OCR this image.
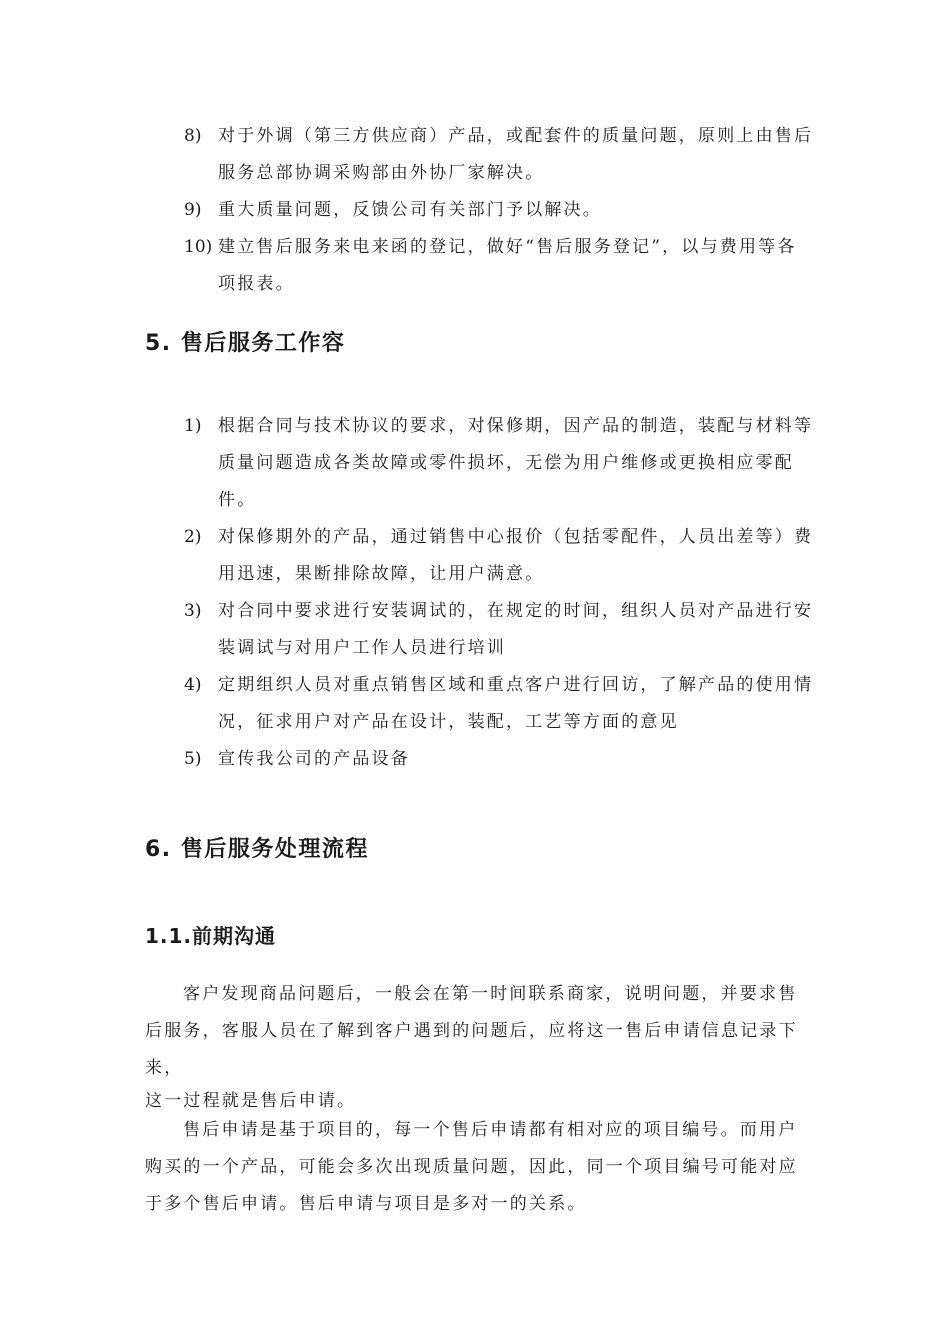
8) 对于外调（第三方供应商）产品，或配套件的质量问题，原则上由售后服务总部协调采购部由外协厂家解决。
9) 重大质量问题，反馈公司有关部门予以解决。
10) 建立售后服务来电来函的登记，做好“售后服务登记”，以与费用等各项报表。
5. 售后服务工作容
1) 根据合同与技术协议的要求，对保修期，因产品的制造，装配与材料等质量问题造成各类故障或零件损坏，无偿为用户维修或更换相应零配件。
2) 对保修期外的产品，通过销售中心报价（包括零配件，人员出差等）费用迅速，果断排除故障，让用户满意。
3) 对合同中要求进行安装调试的，在规定的时间，组织人员对产品进行安装调试与对用户工作人员进行培训
4) 定期组织人员对重点销售区域和重点客户进行回访，了解产品的使用情况，征求用户对产品在设计，装配，工艺等方面的意见
5) 宣传我公司的产品设备
6. 售后服务处理流程
1.1.前期沟通
客户发现商品问题后，一般会在第一时间联系商家，说明问题，并要求售
后服务，客服人员在了解到客户遇到的问题后，应将这一售后申请信息记录下
来，
这一过程就是售后申请。
售后申请是基于项目的，每一个售后申请都有相对应的项目编号。而用户
购买的一个产品，可能会多次出现质量问题，因此，同一个项目编号可能对应
于多个售后申请。售后申请与项目是多对一的关系。
